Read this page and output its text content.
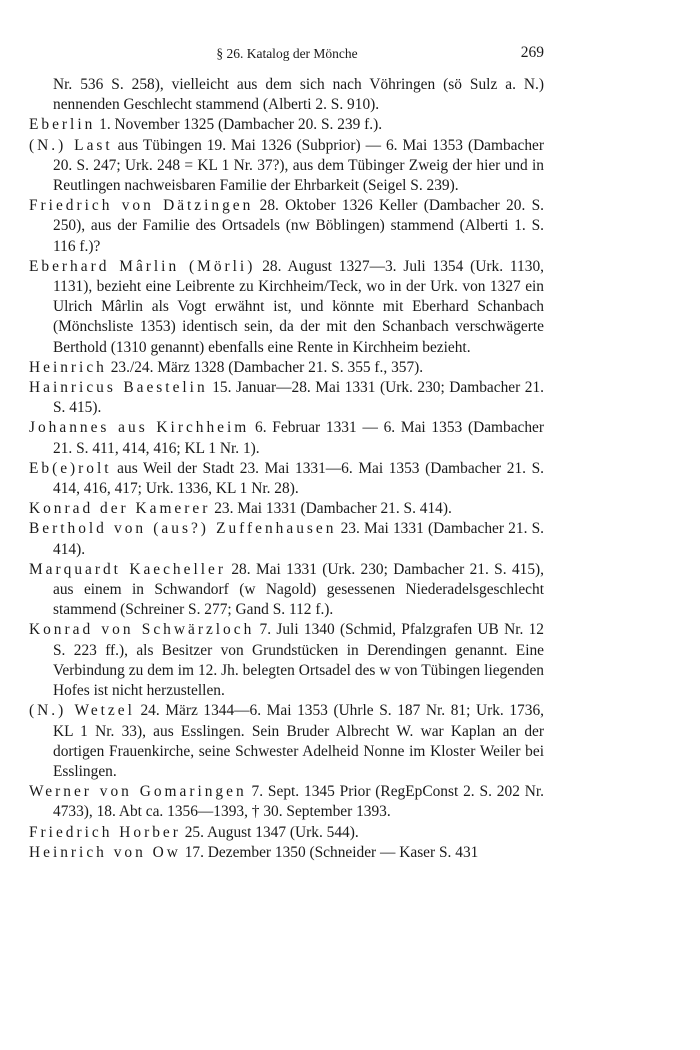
§ 26. Katalog der Mönche	269

Nr. 536 S. 258), vielleicht aus dem sich nach Vöhringen (sö Sulz a. N.) nennenden Geschlecht stammend (Alberti 2. S. 910).

Eberlin 1. November 1325 (Dambacher 20. S. 239 f.).

(N.) Last aus Tübingen 19. Mai 1326 (Subprior) — 6. Mai 1353 (Dambacher 20. S. 247; Urk. 248 = KL 1 Nr. 37?), aus dem Tübinger Zweig der hier und in Reutlingen nachweisbaren Familie der Ehrbarkeit (Seigel S. 239).

Friedrich von Dätzingen 28. Oktober 1326 Keller (Dambacher 20. S. 250), aus der Familie des Ortsadels (nw Böblingen) stammend (Alberti 1. S. 116 f.)?

Eberhard Mârlin (Mörli) 28. August 1327—3. Juli 1354 (Urk. 1130, 1131), bezieht eine Leibrente zu Kirchheim/Teck, wo in der Urk. von 1327 ein Ulrich Mârlin als Vogt erwähnt ist, und könnte mit Eberhard Schanbach (Mönchsliste 1353) identisch sein, da der mit den Schanbach verschwägerte Berthold (1310 genannt) ebenfalls eine Rente in Kirchheim bezieht.

Heinrich 23./24. März 1328 (Dambacher 21. S. 355 f., 357).

Hainricus Baestelin 15. Januar—28. Mai 1331 (Urk. 230; Dambacher 21. S. 415).

Johannes aus Kirchheim 6. Februar 1331 — 6. Mai 1353 (Dambacher 21. S. 411, 414, 416; KL 1 Nr. 1).

Eb(e)rolt aus Weil der Stadt 23. Mai 1331—6. Mai 1353 (Dambacher 21. S. 414, 416, 417; Urk. 1336, KL 1 Nr. 28).

Konrad der Kamerer 23. Mai 1331 (Dambacher 21. S. 414).

Berthold von (aus?) Zuffenhausen 23. Mai 1331 (Dambacher 21. S. 414).

Marquardt Kaecheller 28. Mai 1331 (Urk. 230; Dambacher 21. S. 415), aus einem in Schwandorf (w Nagold) gesessenen Niederadelsgeschlecht stammend (Schreiner S. 277; Gand S. 112 f.).

Konrad von Schwärzloch 7. Juli 1340 (Schmid, Pfalzgrafen UB Nr. 12 S. 223 ff.), als Besitzer von Grundstücken in Derendingen genannt. Eine Verbindung zu dem im 12. Jh. belegten Ortsadel des w von Tübingen liegenden Hofes ist nicht herzustellen.

(N.) Wetzel 24. März 1344—6. Mai 1353 (Uhrle S. 187 Nr. 81; Urk. 1736, KL 1 Nr. 33), aus Esslingen. Sein Bruder Albrecht W. war Kaplan an der dortigen Frauenkirche, seine Schwester Adelheid Nonne im Kloster Weiler bei Esslingen.

Werner von Gomaringen 7. Sept. 1345 Prior (RegEpConst 2. S. 202 Nr. 4733), 18. Abt ca. 1356—1393, † 30. September 1393.

Friedrich Horber 25. August 1347 (Urk. 544).

Heinrich von Ow 17. Dezember 1350 (Schneider — Kaser S. 431
